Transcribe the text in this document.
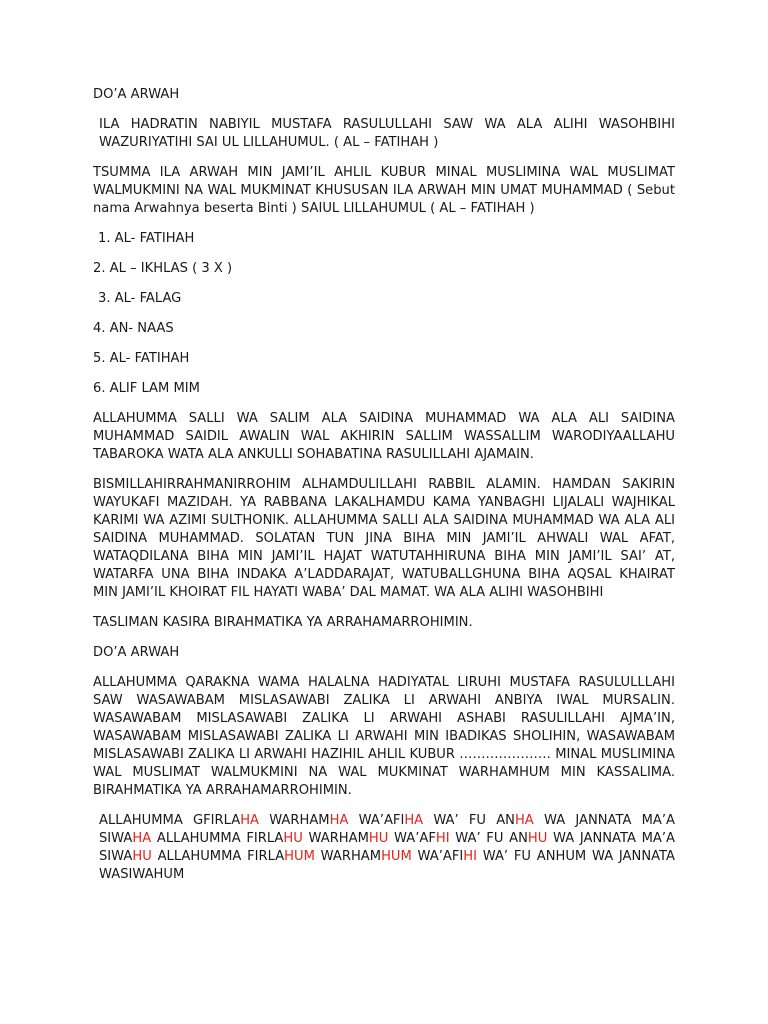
DO’A ARWAH

ILA HADRATIN NABIYIL MUSTAFA RASULULLAHI SAW WA ALA ALIHI WASOHBIHI WAZURIYATIHI SAI UL LILLAHUMUL. ( AL – FATIHAH )

TSUMMA ILA ARWAH MIN JAMI’IL AHLIL KUBUR MINAL MUSLIMINA WAL MUSLIMAT WALMUKMINI NA WAL MUKMINAT KHUSUSAN ILA ARWAH MIN UMAT MUHAMMAD ( Sebut nama Arwahnya beserta Binti ) SAIUL LILLAHUMUL ( AL – FATIHAH )

1. AL- FATIHAH

2. AL – IKHLAS ( 3 X )

3. AL- FALAG

4. AN- NAAS

5. AL- FATIHAH

6. ALIF LAM MIM

ALLAHUMMA SALLI WA SALIM ALA SAIDINA MUHAMMAD WA ALA ALI SAIDINA MUHAMMAD SAIDIL AWALIN WAL AKHIRIN SALLIM WASSALLIM WARODIYAALLAHU TABAROKA WATA ALA ANKULLI SOHABATINA RASULILLAHI AJAMAIN.

BISMILLAHIRRAHMANIRROHIM ALHAMDULILLAHI RABBIL ALAMIN. HAMDAN SAKIRIN WAYUKAFI MAZIDAH. YA RABBANA LAKALHAMDU KAMA YANBAGHI LIJALALI WAJHIKAL KARIMI WA AZIMI SULTHONIK. ALLAHUMMA SALLI ALA SAIDINA MUHAMMAD WA ALA ALI SAIDINA MUHAMMAD. SOLATAN TUN JINA BIHA MIN JAMI’IL AHWALI WAL AFAT, WATAQDILANA BIHA MIN JAMI’IL HAJAT WATUTAHHIRUNA BIHA MIN JAMI’IL SAI’ AT, WATARFA UNA BIHA INDAKA A’LADDARAJAT, WATUBALLGHUNA BIHA AQSAL KHAIRAT MIN JAMI’IL KHOIRAT FIL HAYATI WABA’ DAL MAMAT. WA ALA ALIHI WASOHBIHI

TASLIMAN KASIRA BIRAHMATIKA YA ARRAHAMARROHIMIN.

DO’A ARWAH

ALLAHUMMA QARAKNA WAMA HALALNA HADIYATAL LIRUHI MUSTAFA RASULULLLAHI SAW WASAWABAM MISLASAWABI ZALIKA LI ARWAHI ANBIYA IWAL MURSALIN. WASAWABAM MISLASAWABI ZALIKA LI ARWAHI ASHABI RASULILLAHI AJMA’IN, WASAWABAM MISLASAWABI ZALIKA LI ARWAHI MIN IBADIKAS SHOLIHIN, WASAWABAM MISLASAWABI ZALIKA LI ARWAHI HAZIHIL AHLIL KUBUR ………………… MINAL MUSLIMINA WAL MUSLIMAT WALMUKMINI NA WAL MUKMINAT WARHAMHUM MIN KASSALIMA. BIRAHMATIKA YA ARRAHAMARROHIMIN.

ALLAHUMMA GFIRLAHA WARHAMHA WA’AFIHA WA’ FU ANHA WA JANNATA MA’A SIWAHA ALLAHUMMA FIRLAHU WARHAMHU WA’AFHI WA’ FU ANHU WA JANNATA MA’A SIWAHU ALLAHUMMA FIRLAHUM WARHAMHUM WA’AFIHI WA’ FU ANHUM WA JANNATA WASIWAHUM
